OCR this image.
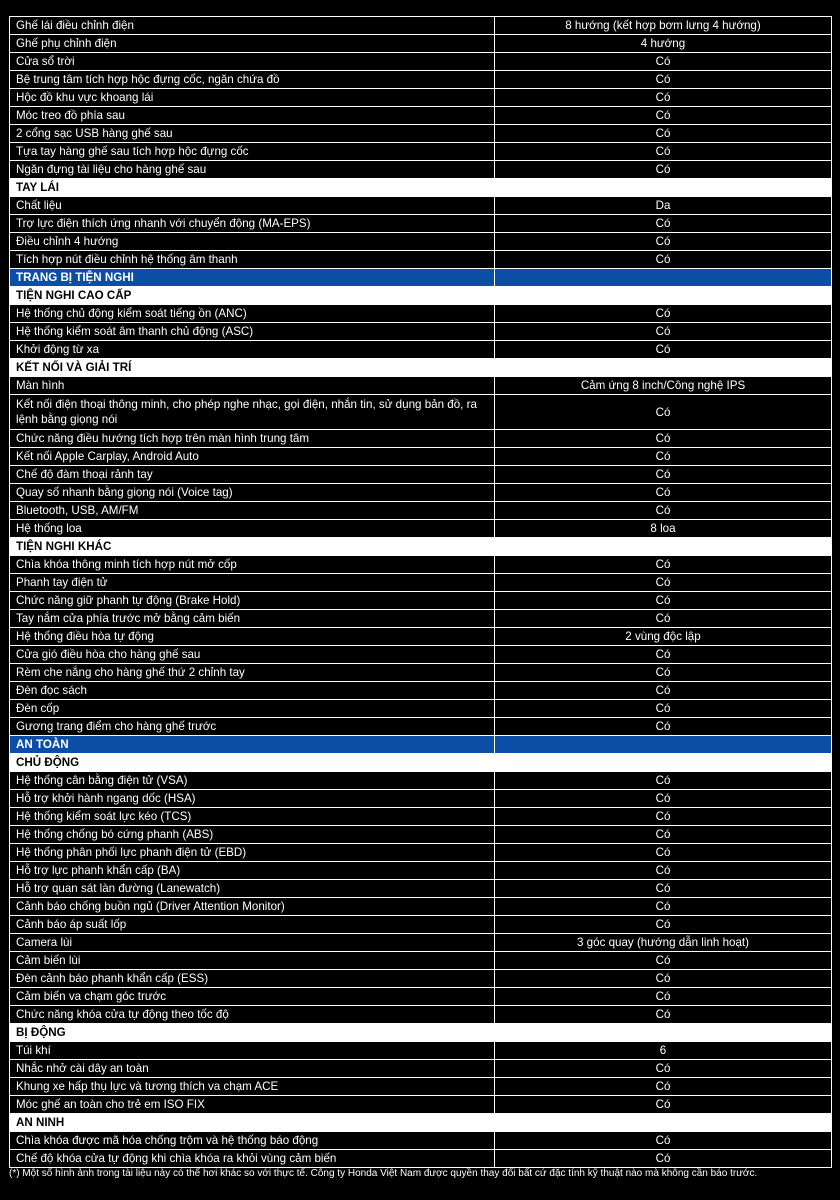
Ghế lái điều chỉnh điện	8 hướng (kết hợp bơm lưng 4 hướng)
Ghế phụ chỉnh điện	4 hướng
Cửa sổ trời	Có
Bệ trung tâm tích hợp hộc đựng cốc, ngăn chứa đồ	Có
Hộc đồ khu vực khoang lái	Có
Móc treo đồ phía sau	Có
2 cổng sạc USB hàng ghế sau	Có
Tựa tay hàng ghế sau tích hợp hộc đựng cốc	Có
Ngăn đựng tài liệu cho hàng ghế sau	Có
TAY LÁI	
Chất liệu	Da
Trợ lực điện thích ứng nhanh với chuyển động (MA-EPS)	Có
Điều chỉnh 4 hướng	Có
Tích hợp nút điều chỉnh hệ thống âm thanh	Có
TRANG BỊ TIỆN NGHI	
TIỆN NGHI CAO CẤP	
Hệ thống chủ động kiểm soát tiếng ồn (ANC)	Có
Hệ thống kiểm soát âm thanh chủ động (ASC)	Có
Khởi động từ xa	Có
KẾT NỐI VÀ GIẢI TRÍ	
Màn hình	Cảm ứng 8 inch/Công nghệ IPS
Kết nối điện thoại thông minh, cho phép nghe nhạc, gọi điện, nhắn tin, sử dụng bản đồ, ra lệnh bằng giọng nói	Có
Chức năng điều hướng tích hợp trên màn hình trung tâm	Có
Kết nối Apple Carplay, Android Auto	Có
Chế độ đàm thoại rảnh tay	Có
Quay số nhanh bằng giọng nói (Voice tag)	Có
Bluetooth, USB, AM/FM	Có
Hệ thống loa	8 loa
TIỆN NGHI KHÁC	
Chìa khóa thông minh tích hợp nút mở cốp	Có
Phanh tay điện tử	Có
Chức năng giữ phanh tự động (Brake Hold)	Có
Tay nắm cửa phía trước mở bằng cảm biến	Có
Hệ thống điều hòa tự động	2 vùng độc lập
Cửa gió điều hòa cho hàng ghế sau	Có
Rèm che nắng cho hàng ghế thứ 2 chỉnh tay	Có
Đèn đọc sách	Có
Đèn cốp	Có
Gương trang điểm cho hàng ghế trước	Có
AN TOÀN	
CHỦ ĐỘNG	
Hệ thống cân bằng điện tử (VSA)	Có
Hỗ trợ khởi hành ngang dốc (HSA)	Có
Hệ thống kiểm soát lực kéo (TCS)	Có
Hệ thống chống bó cứng phanh (ABS)	Có
Hệ thống phân phối lực phanh điện tử (EBD)	Có
Hỗ trợ lực phanh khẩn cấp (BA)	Có
Hỗ trợ quan sát làn đường (Lanewatch)	Có
Cảnh báo chống buồn ngủ (Driver Attention Monitor)	Có
Cảnh báo áp suất lốp	Có
Camera lùi	3 góc quay (hướng dẫn linh hoạt)
Cảm biến lùi	Có
Đèn cảnh báo phanh khẩn cấp (ESS)	Có
Cảm biến va chạm góc trước	Có
Chức năng khóa cửa tự động theo tốc độ	Có
BỊ ĐỘNG	
Túi khí	6
Nhắc nhở cài dây an toàn	Có
Khung xe hấp thụ lực và tương thích va chạm ACE	Có
Móc ghế an toàn cho trẻ em ISO FIX	Có
AN NINH	
Chìa khóa được mã hóa chống trộm và hệ thống báo động	Có
Chế độ khóa cửa tự động khi chìa khóa ra khỏi vùng cảm biến	Có
(*) Một số hình ảnh trong tài liệu này có thể hơi khác so với thực tế. Công ty Honda Việt Nam được quyền thay đổi bất cứ đặc tính kỹ thuật nào mà không cần báo trước.
